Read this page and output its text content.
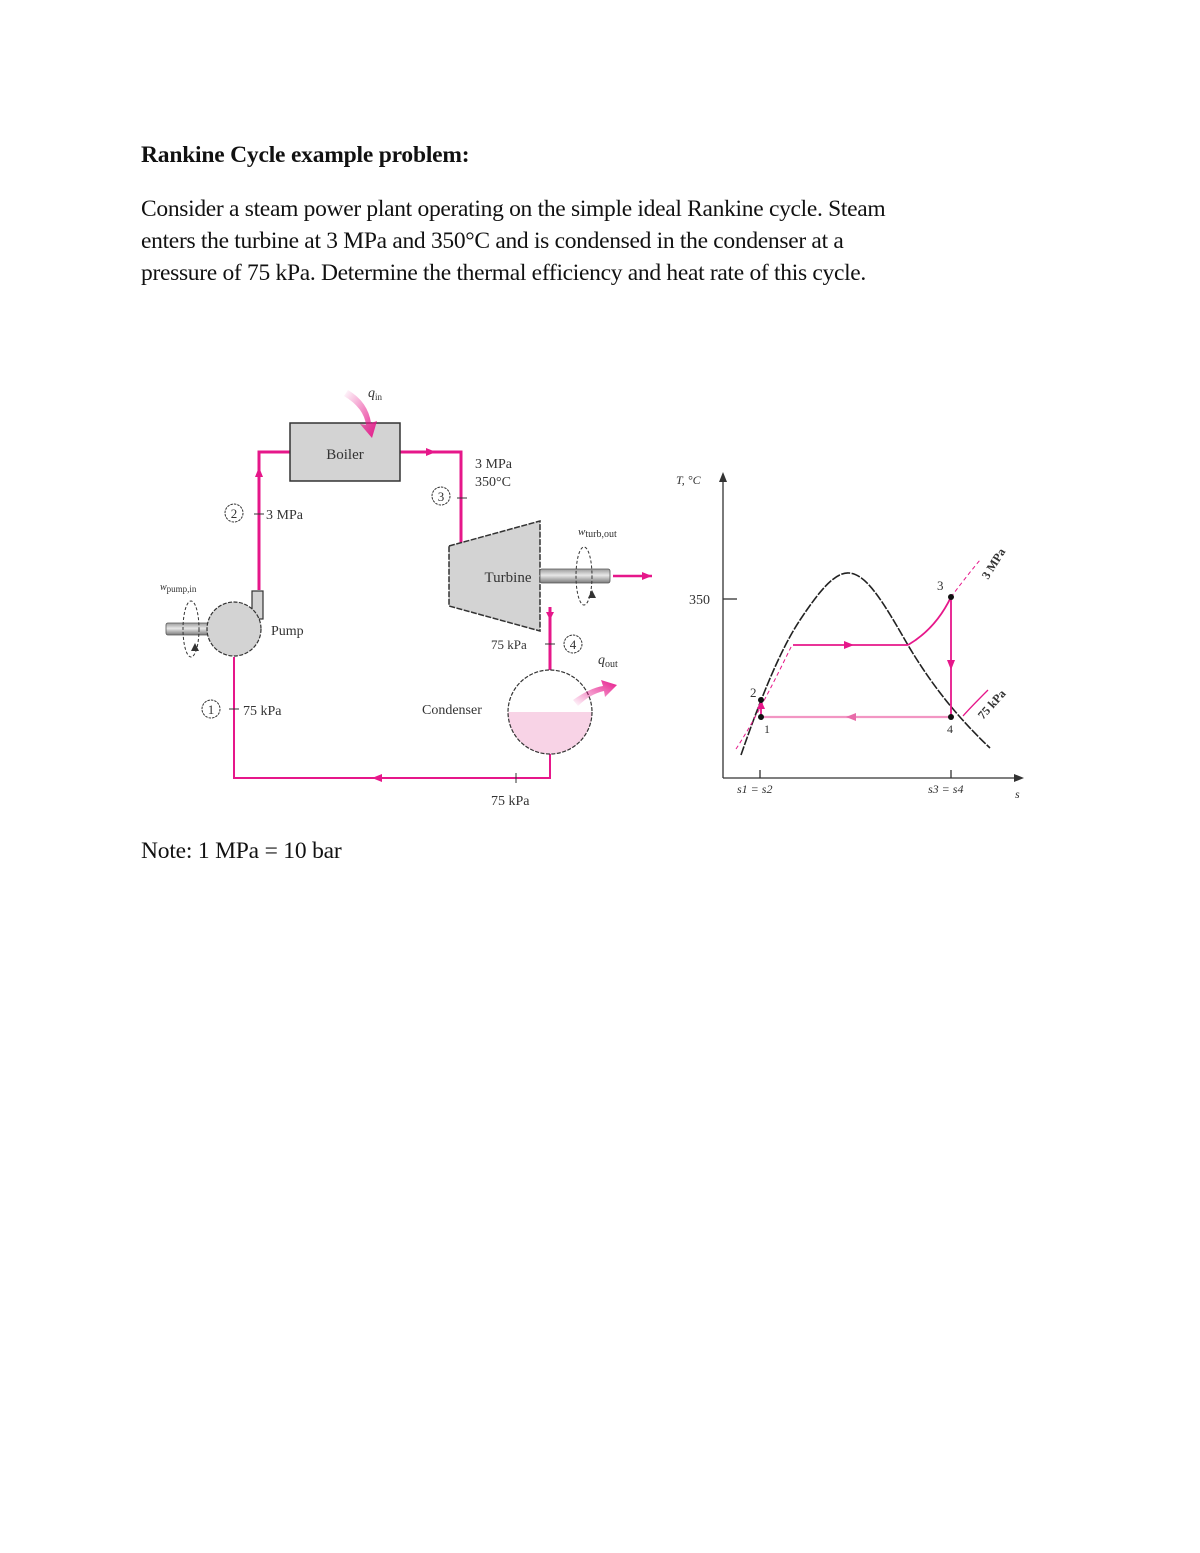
Rankine Cycle example problem:
Consider a steam power plant operating on the simple ideal Rankine cycle. Steam
enters the turbine at 3 MPa and 350°C and is condensed in the condenser at a
pressure of 75 kPa. Determine the thermal efficiency and heat rate of this cycle.
Boiler
$q_{in}$
Turbine
wturb,out
Pump
wpump,in
Condenser
$q_{out}$
1 75 kPa
2 3 MPa
3
3 MPa
350°C
4
75 kPa
75 kPa
T, °C
s
350
s1 = s2	s3 = s4
3 MPa
75 kPa
1
2
3
4
Note: 1 MPa = 10 bar
